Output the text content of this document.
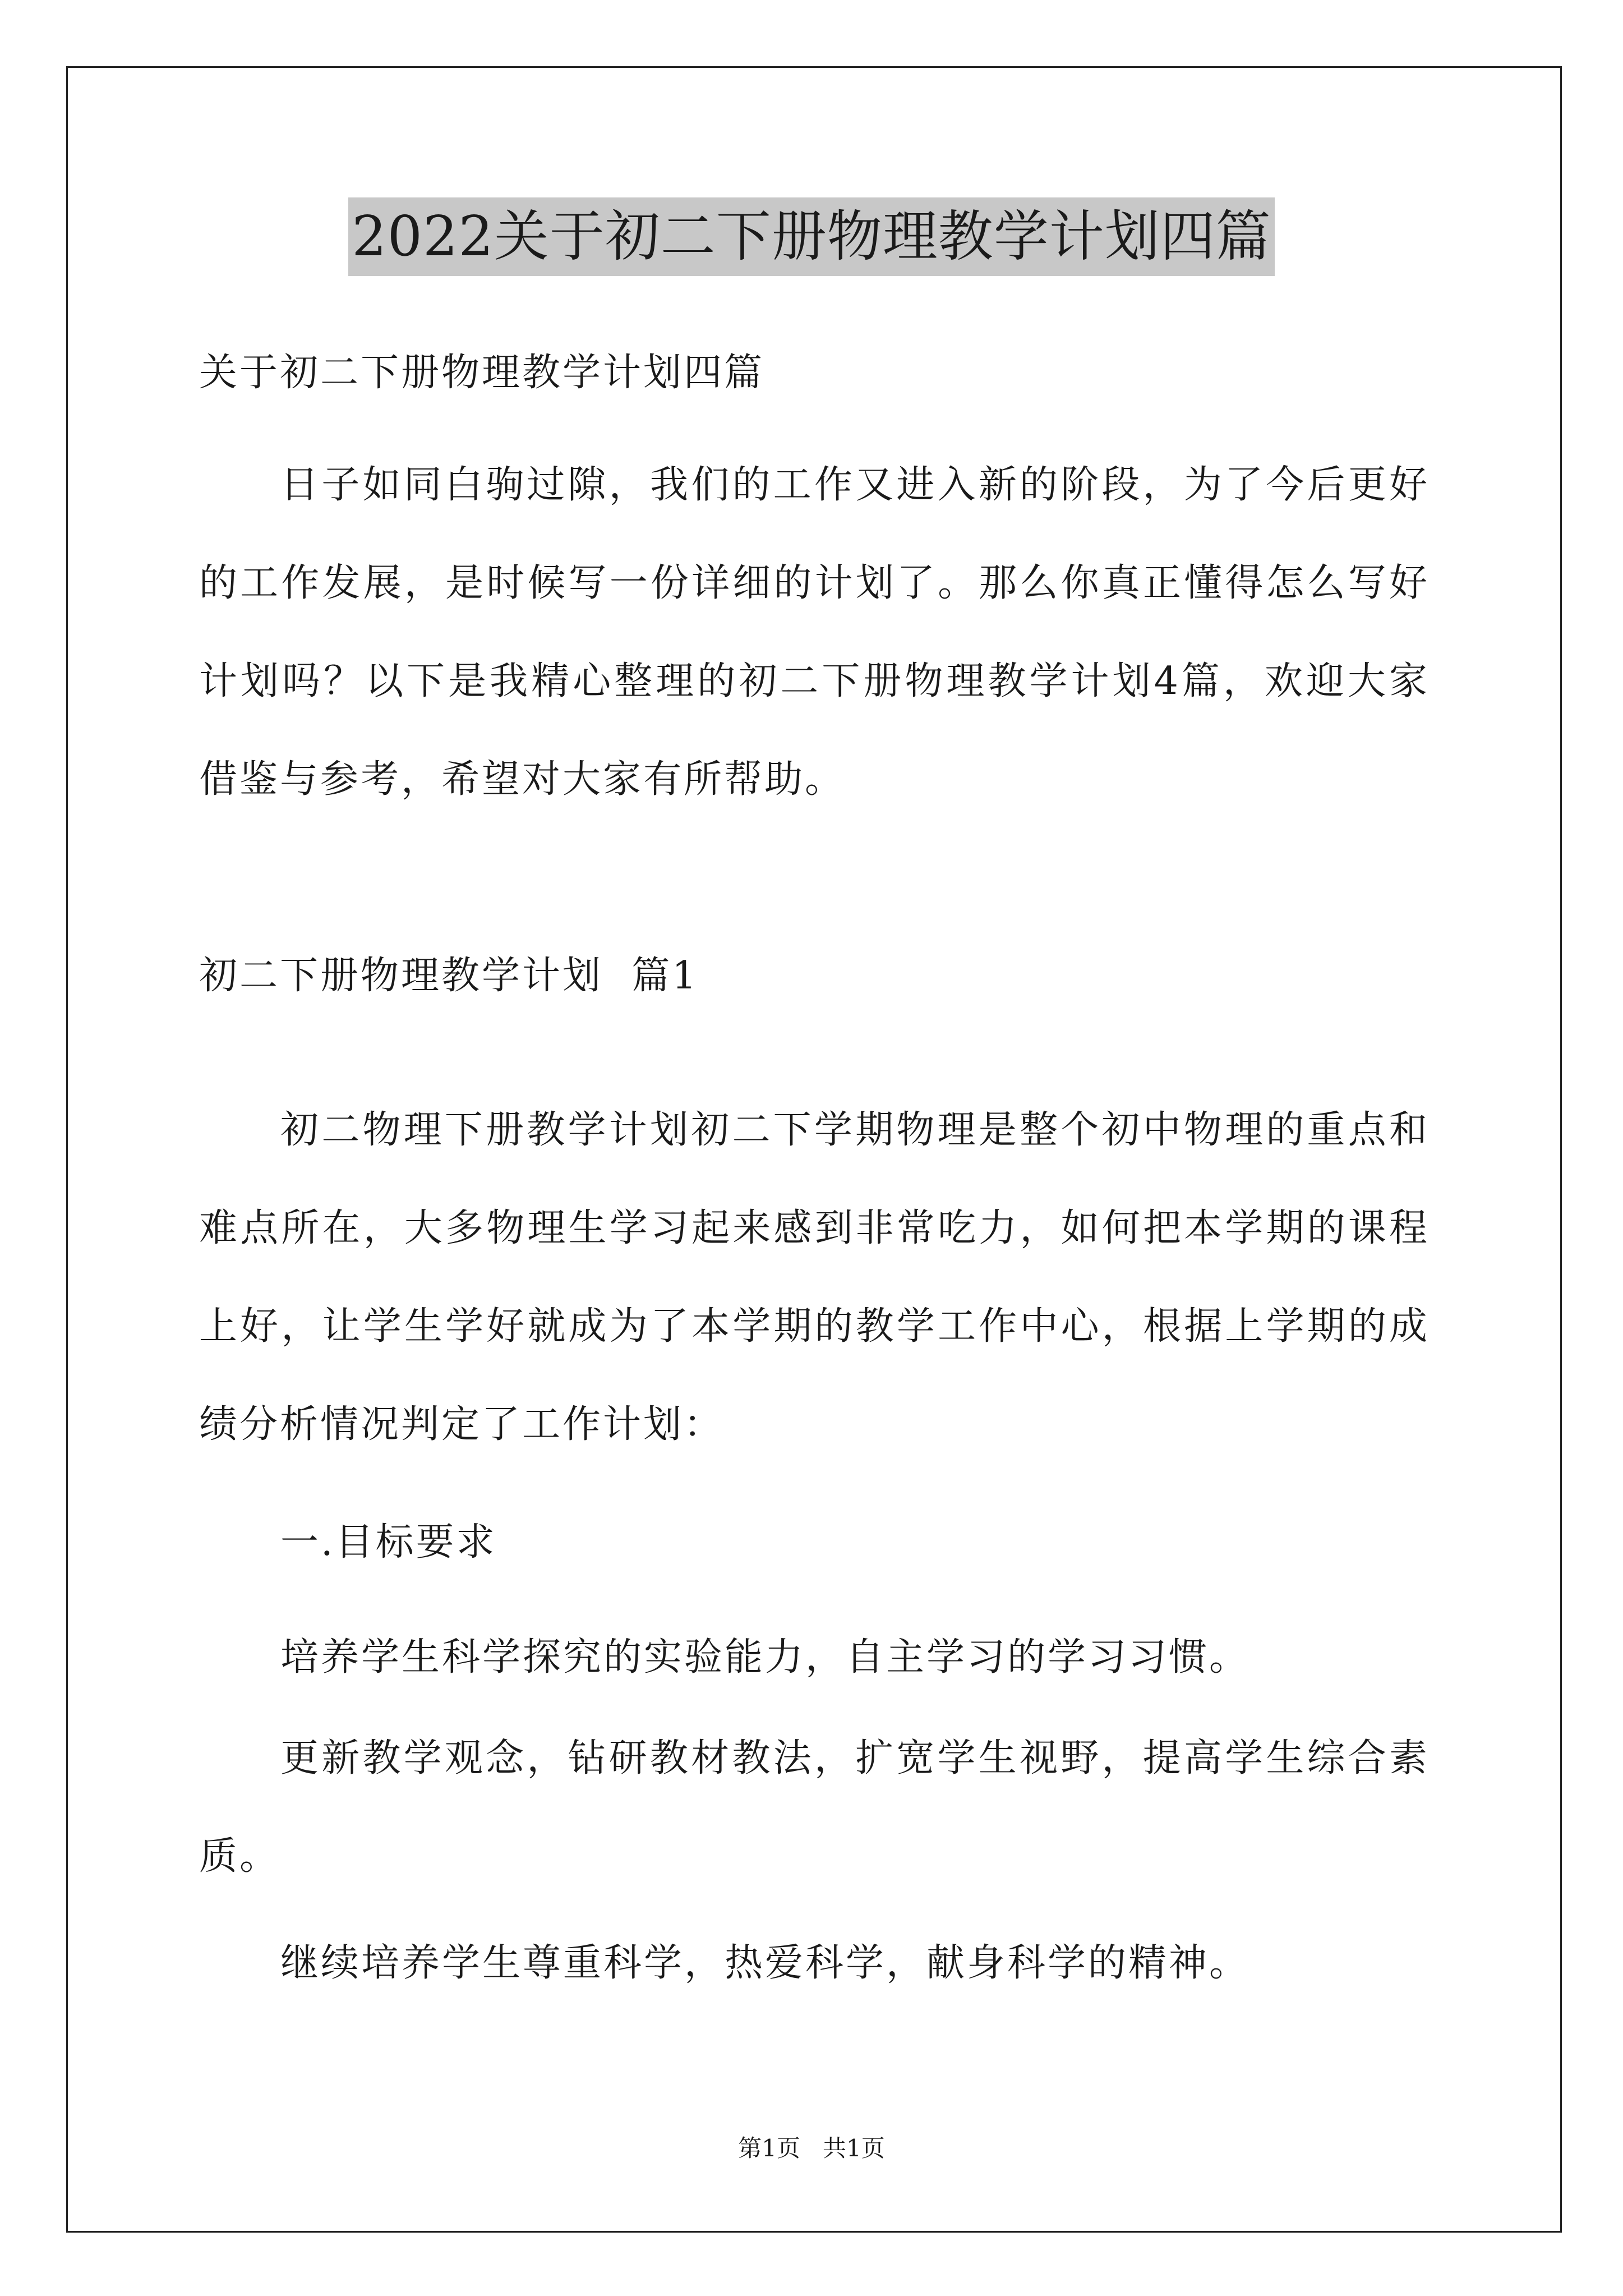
2022关于初二下册物理教学计划四篇
关于初二下册物理教学计划四篇
日子如同白驹过隙，我们的工作又进入新的阶段，为了今后更好
的工作发展，是时候写一份详细的计划了。那么你真正懂得怎么写好
计划吗？以下是我精心整理的初二下册物理教学计划4篇，欢迎大家
借鉴与参考，希望对大家有所帮助。
初二下册物理教学计划  篇1
初二物理下册教学计划初二下学期物理是整个初中物理的重点和
难点所在，大多物理生学习起来感到非常吃力，如何把本学期的课程
上好，让学生学好就成为了本学期的教学工作中心，根据上学期的成
绩分析情况判定了工作计划：
一.目标要求
培养学生科学探究的实验能力，自主学习的学习习惯。
更新教学观念，钻研教材教法，扩宽学生视野，提高学生综合素
质。
继续培养学生尊重科学，热爱科学，献身科学的精神。
第1页   共1页
